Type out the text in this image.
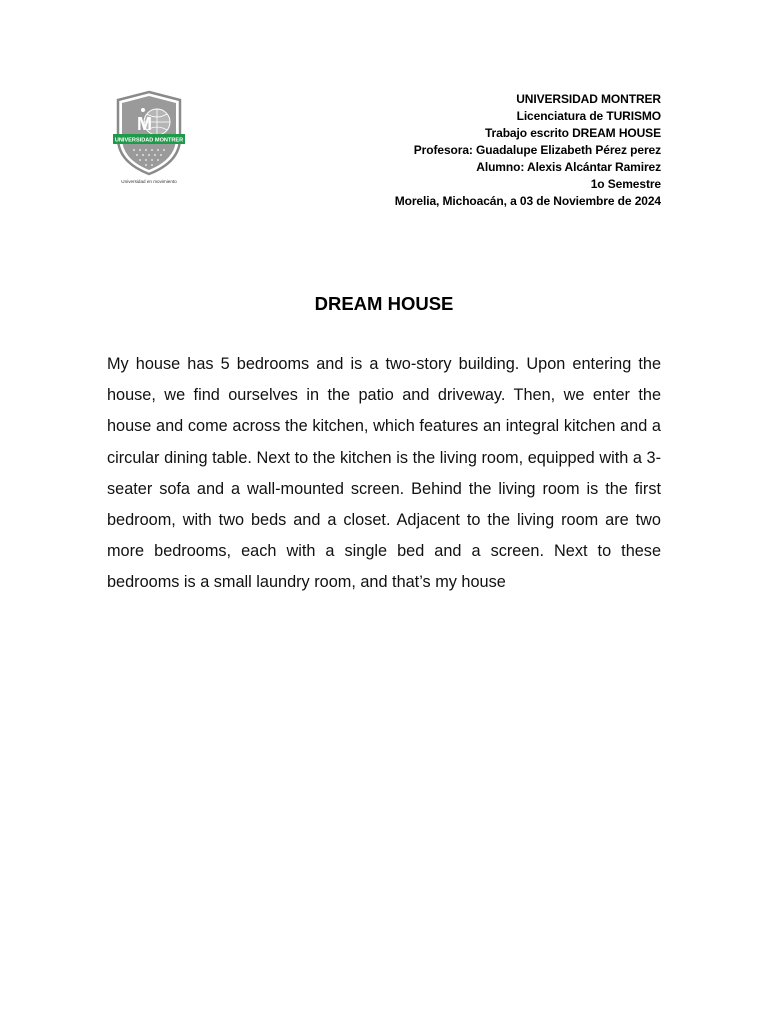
M
UNIVERSIDAD MONTRER
Universidad en movimiento
UNIVERSIDAD MONTRER
Licenciatura de TURISMO
Trabajo escrito DREAM HOUSE
Profesora: Guadalupe Elizabeth Pérez perez
Alumno: Alexis Alcántar Ramirez
1o Semestre
Morelia, Michoacán, a 03 de Noviembre de 2024
DREAM HOUSE

My house has 5 bedrooms and is a two-story building. Upon entering the house, we find ourselves in the patio and driveway. Then, we enter the house and come across the kitchen, which features an integral kitchen and a circular dining table. Next to the kitchen is the living room, equipped with a 3-seater sofa and a wall-mounted screen. Behind the living room is the first bedroom, with two beds and a closet. Adjacent to the living room are two more bedrooms, each with a single bed and a screen. Next to these bedrooms is a small laundry room, and that’s my house
